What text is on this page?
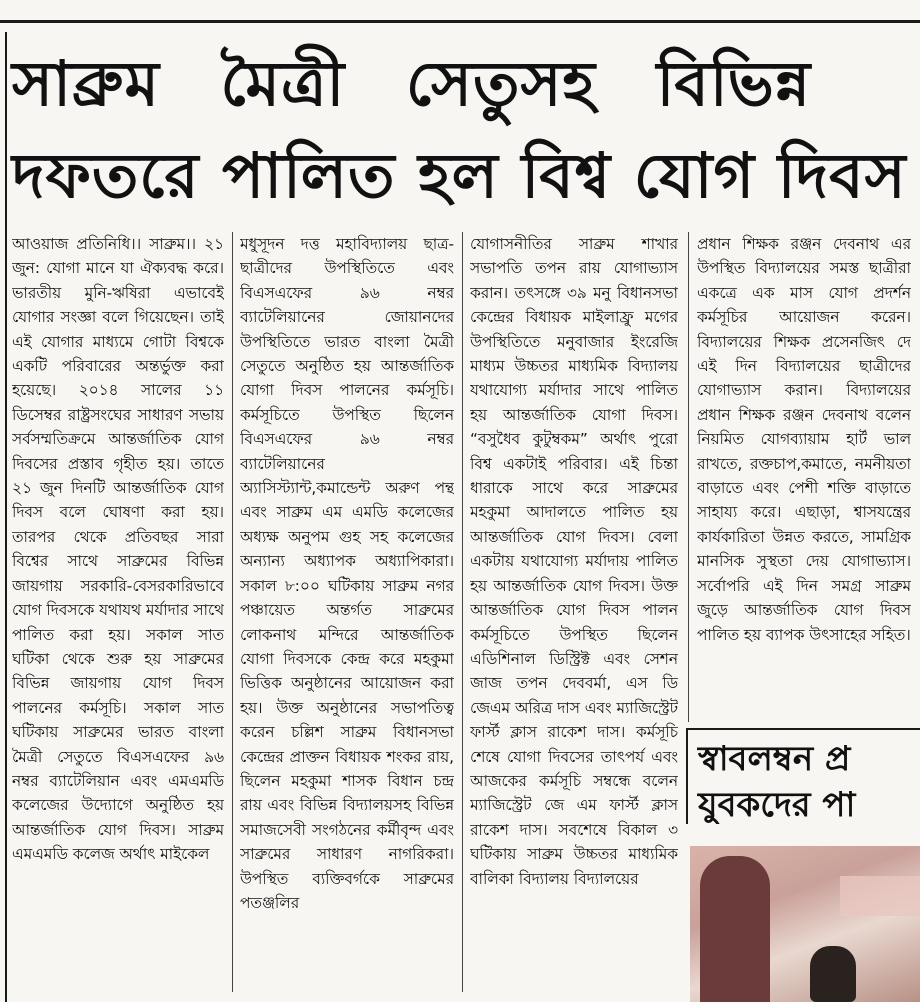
সাব্রুম মৈত্রী সেতুসহ বিভিন্ন
দফতরে পালিত হল বিশ্ব যোগ দিবস

আওয়াজ প্রতিনিধি।। সাব্রুম।। ২১ জুন: যোগা মানে যা ঐক্যবদ্ধ করে। ভারতীয় মুনি-ঋষিরা এভাবেই যোগার সংজ্ঞা বলে গিয়েছেন। তাই এই যোগার মাধ্যমে গোটা বিশ্বকে একটি পরিবারের অন্তর্ভুক্ত করা হয়েছে। ২০১৪ সালের ১১ ডিসেম্বর রাষ্ট্রসংঘের সাধারণ সভায় সর্বসম্মতিক্রমে আন্তর্জাতিক যোগ দিবসের প্রস্তাব গৃহীত হয়। তাতে ২১ জুন দিনটি আন্তর্জাতিক যোগ দিবস বলে ঘোষণা করা হয়। তারপর থেকে প্রতিবছর সারা বিশ্বের সাথে সাব্রুমের বিভিন্ন জায়গায় সরকারি-বেসরকারিভাবে যোগ দিবসকে যথাযথ মর্যাদার সাথে পালিত করা হয়। সকাল সাত ঘটিকা থেকে শুরু হয় সাব্রুমের বিভিন্ন জায়গায় যোগ দিবস পালনের কর্মসূচি। সকাল সাত ঘটিকায় সাব্রুমের ভারত বাংলা মৈত্রী সেতুতে বিএসএফের ৯৬ নম্বর ব্যাটেলিয়ান এবং এমএমডি কলেজের উদ্যোগে অনুষ্ঠিত হয় আন্তর্জাতিক যোগ দিবস। সাব্রুম এমএমডি কলেজ অর্থাৎ মাইকেল

মধুসূদন দত্ত মহাবিদ্যালয় ছাত্র-ছাত্রীদের উপস্থিতিতে এবং বিএসএফের ৯৬ নম্বর ব্যাটেলিয়ানের জোয়ানদের উপস্থিতিতে ভারত বাংলা মৈত্রী সেতুতে অনুষ্ঠিত হয় আন্তর্জাতিক যোগা দিবস পালনের কর্মসূচি। কর্মসূচিতে উপস্থিত ছিলেন বিএসএফের ৯৬ নম্বর ব্যাটেলিয়ানের অ্যাসিস্ট্যান্ট,কমান্ডেন্ট অরুণ পন্থ এবং সাব্রুম এম এমডি কলেজের অধ্যক্ষ অনুপম গুহ সহ কলেজের অন্যান্য অধ্যাপক অধ্যাপিকারা। সকাল ৮:০০ ঘটিকায় সাব্রুম নগর পঞ্চায়েত অন্তর্গত সাব্রুমের লোকনাথ মন্দিরে আন্তর্জাতিক যোগা দিবসকে কেন্দ্র করে মহকুমা ভিত্তিক অনুষ্ঠানের আয়োজন করা হয়। উক্ত অনুষ্ঠানের সভাপতিত্ব করেন চল্লিশ সাব্রুম বিধানসভা কেন্দ্রের প্রাক্তন বিধায়ক শংকর রায়, ছিলেন মহকুমা শাসক বিধান চন্দ্র রায় এবং বিভিন্ন বিদ্যালয়সহ বিভিন্ন সমাজসেবী সংগঠনের কর্মীবৃন্দ এবং সাব্রুমের সাধারণ নাগরিকরা। উপস্থিত ব্যক্তিবর্গকে সাব্রুমের পতঞ্জলির

যোগাসনীতির সাব্রুম শাখার সভাপতি তপন রায় যোগাভ্যাস করান। তৎসঙ্গে ৩৯ মনু বিধানসভা কেন্দ্রের বিধায়ক মাইলাফ্রু মগের উপস্থিতিতে মনুবাজার ইংরেজি মাধ্যম উচ্চতর মাধ্যমিক বিদ্যালয় যথাযোগ্য মর্যাদার সাথে পালিত হয় আন্তর্জাতিক যোগা দিবস। “বসুধৈব কুটুম্বকম” অর্থাৎ পুরো বিশ্ব একটাই পরিবার। এই চিন্তা ধারাকে সাথে করে সাব্রুমের মহকুমা আদালতে পালিত হয় আন্তর্জাতিক যোগ দিবস। বেলা একটায় যথাযোগ্য মর্যাদায় পালিত হয় আন্তর্জাতিক যোগ দিবস। উক্ত আন্তর্জাতিক যোগ দিবস পালন কর্মসূচিতে উপস্থিত ছিলেন এডিশিনাল ডিস্ট্রিক্ট এবং সেশন জাজ তপন দেববর্মা, এস ডি জেএম অরিত্র দাস এবং ম্যাজিস্ট্রেট ফার্স্ট ক্লাস রাকেশ দাস। কর্মসূচি শেষে যোগা দিবসের তাৎপর্য এবং আজকের কর্মসূচি সম্বন্ধে বলেন ম্যাজিস্ট্রেট জে এম ফার্স্ট ক্লাস রাকেশ দাস। সবশেষে বিকাল ৩ ঘটিকায় সাব্রুম উচ্চতর মাধ্যমিক বালিকা বিদ্যালয় বিদ্যালয়ের

প্রধান শিক্ষক রঞ্জন দেবনাথ এর উপস্থিত বিদ্যালয়ের সমস্ত ছাত্রীরা একত্রে এক মাস যোগ প্রদর্শন কর্মসূচির আয়োজন করেন। বিদ্যালয়ের শিক্ষক প্রসেনজিৎ দে এই দিন বিদ্যালয়ের ছাত্রীদের যোগাভ্যাস করান। বিদ্যালয়ের প্রধান শিক্ষক রঞ্জন দেবনাথ বলেন নিয়মিত যোগব্যায়াম হার্ট ভাল রাখতে, রক্তচাপ,কমাতে, নমনীয়তা বাড়াতে এবং পেশী শক্তি বাড়াতে সাহায্য করে। এছাড়া, শ্বাসযন্ত্রের কার্যকারিতা উন্নত করতে, সামগ্রিক মানসিক সুস্থতা দেয় যোগাভ্যাস। সর্বোপরি এই দিন সমগ্র সাব্রুম জুড়ে আন্তর্জাতিক যোগ দিবস পালিত হয় ব্যাপক উৎসাহের সহিত।

স্বাবলম্বন প্র
যুবকদের পা
